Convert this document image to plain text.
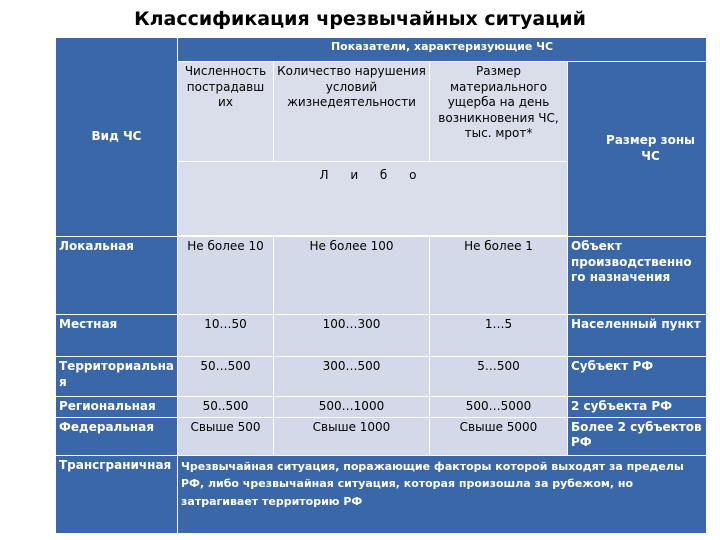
Классификация чрезвычайных ситуаций
Вид ЧС	Показатели, характеризующие ЧС			
	Численность пострадавш их	Количество нарушения условий жизнедеятельности	Размер материального ущерба на день возникновения ЧС, тыс. мрот*	Размер зоны ЧС
	Л и б о			

Локальная	Не более 10	Не более 100	Не более 1	Объект производственно го назначения
Местная	10…50	100…300	1…5	Населенный пункт
Территориальна я	50…500	300…500	5…500	Субъект РФ
Региональная	50..500	500…1000	500…5000	2 субъекта РФ
Федеральная	Свыше 500	Свыше 1000	Свыше 5000	Более 2 субъектов РФ
Трансграничная	Чрезвычайная ситуация, поражающие факторы которой выходят за пределы РФ, либо чрезвычайная ситуация, которая произошла за рубежом, но затрагивает территорию РФ			
